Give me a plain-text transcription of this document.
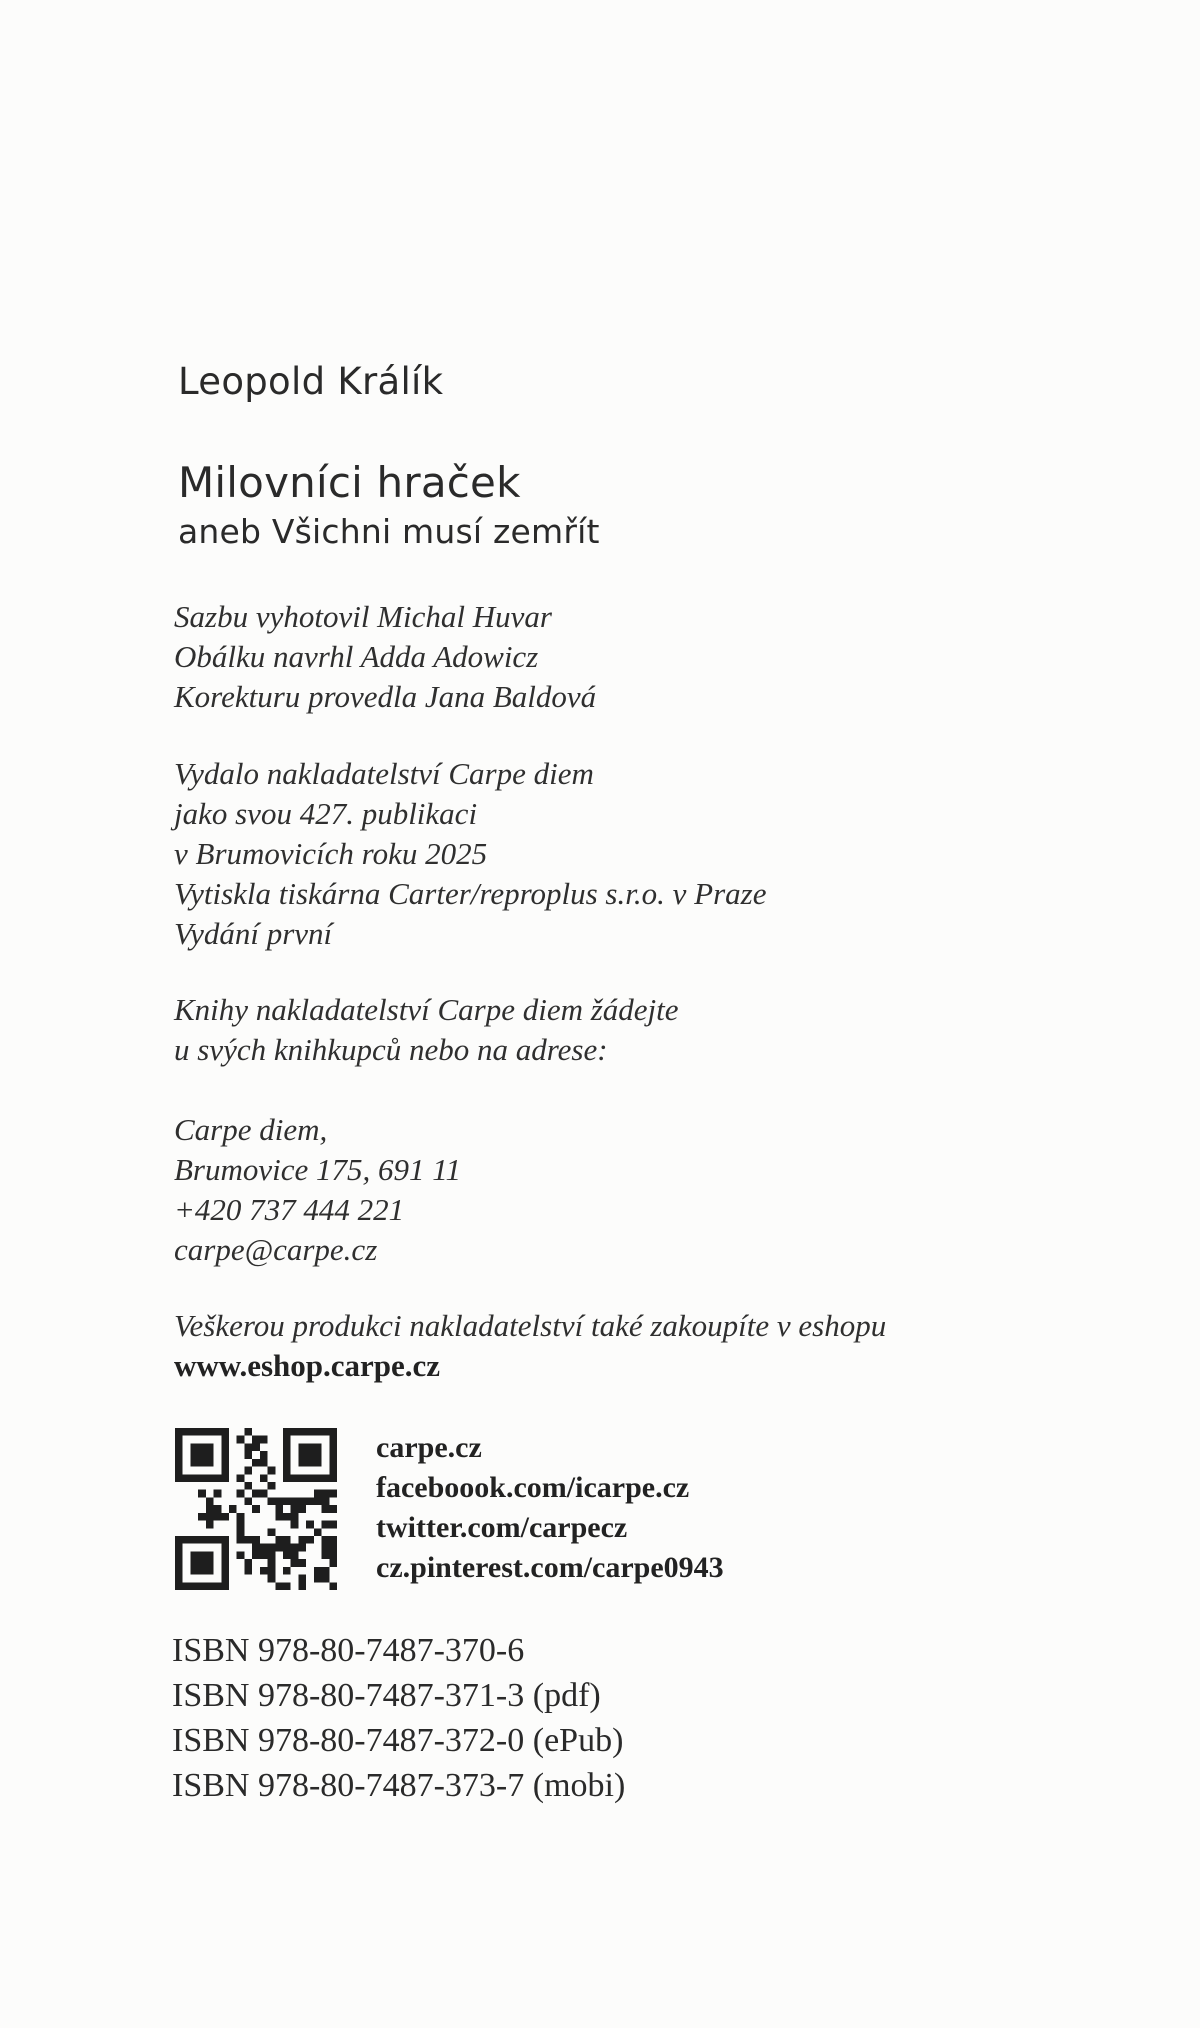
Leopold Králík
Milovníci hraček
aneb Všichni musí zemřít
Sazbu vyhotovil Michal Huvar
Obálku navrhl Adda Adowicz
Korekturu provedla Jana Baldová
Vydalo nakladatelství Carpe diem
jako svou 427. publikaci
v Brumovicích roku 2025
Vytiskla tiskárna Carter/reproplus s.r.o. v Praze
Vydání první
Knihy nakladatelství Carpe diem žádejte
u svých knihkupců nebo na adrese:
Carpe diem,
Brumovice 175, 691 11
+420 737 444 221
carpe@carpe.cz
Veškerou produkci nakladatelství také zakoupíte v eshopu
www.eshop.carpe.cz
carpe.cz
faceboook.com/icarpe.cz
twitter.com/carpecz
cz.pinterest.com/carpe0943
ISBN 978-80-7487-370-6
ISBN 978-80-7487-371-3 (pdf)
ISBN 978-80-7487-372-0 (ePub)
ISBN 978-80-7487-373-7 (mobi)
